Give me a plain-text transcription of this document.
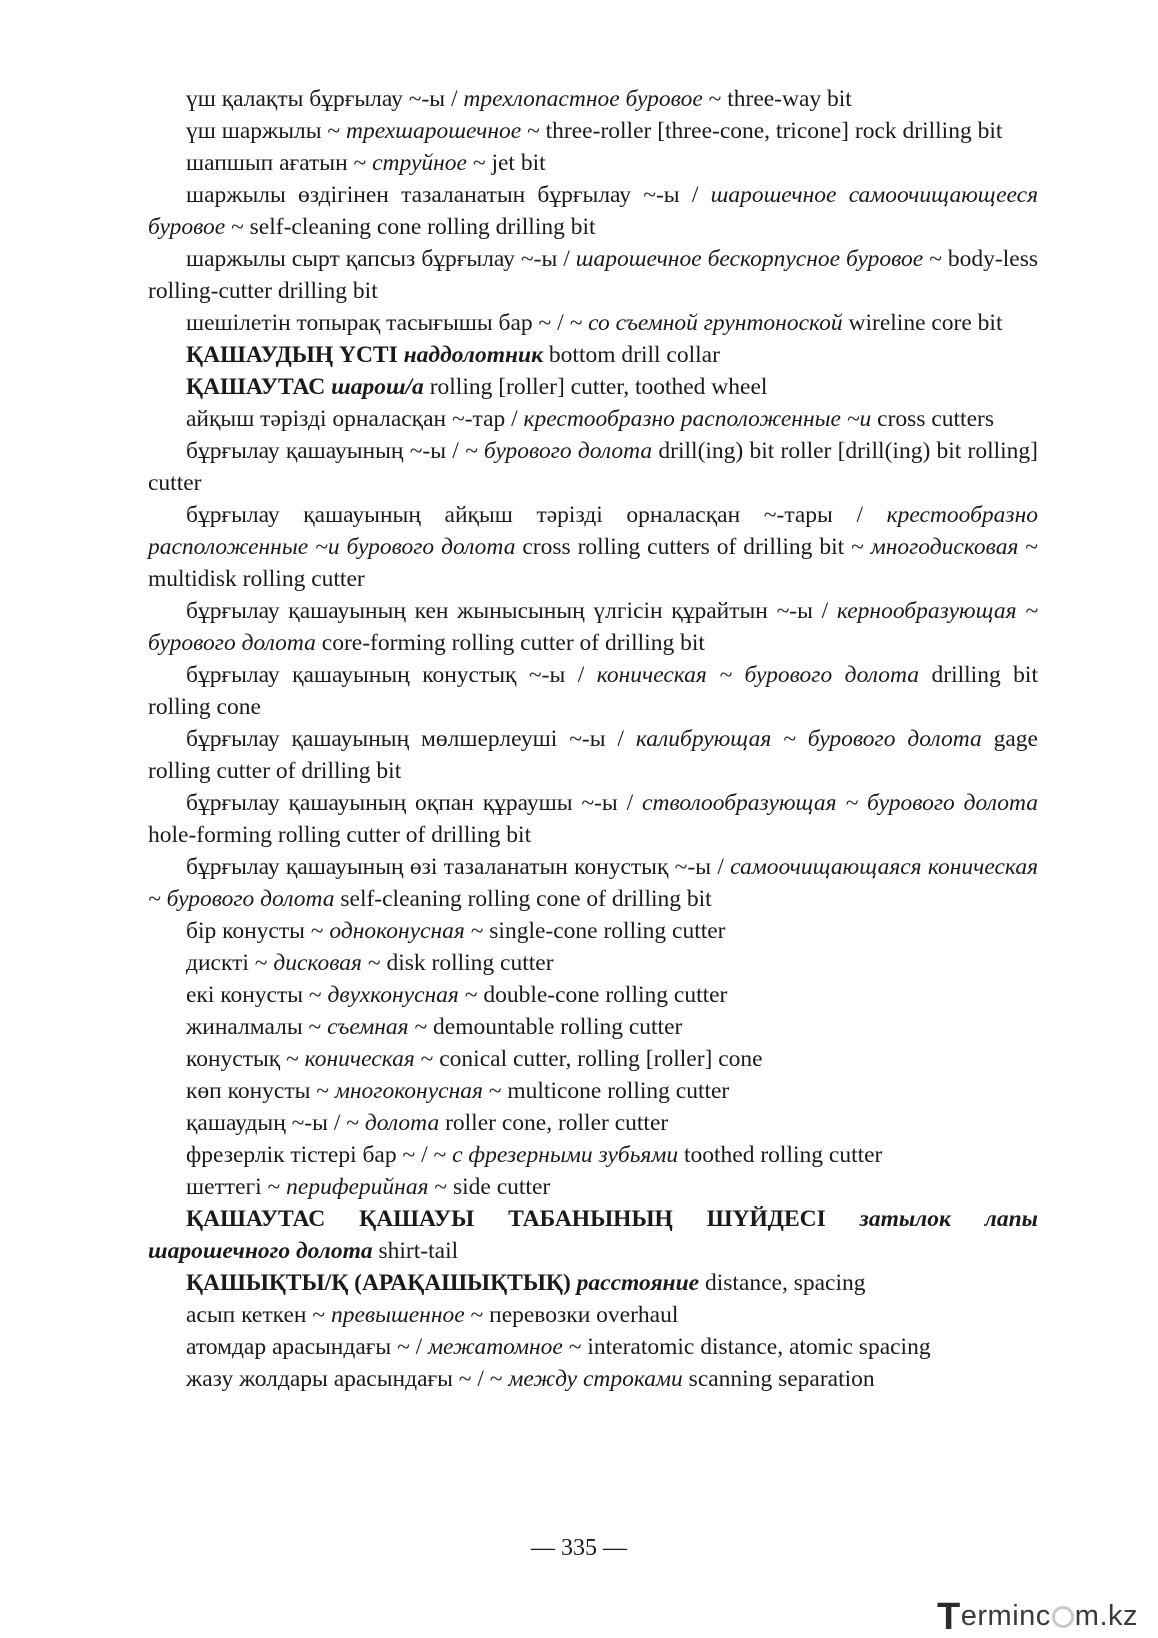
үш қалақты бұрғылау ~-ы / трехлопастное буровое ~ three-way bit

үш шаржылы ~ трехшарошечное ~ three-roller [three-cone, tricone] rock drilling bit

шапшып ағатын ~ струйное ~ jet bit

шаржылы өздігінен тазаланатын бұрғылау ~-ы / шарошечное самоочищающееся буровое ~ self-cleaning cone rolling drilling bit

шаржылы сырт қапсыз бұрғылау ~-ы / шарошечное бескорпусное буровое ~ body-less rolling-cutter drilling bit

шешілетін топырақ тасығышы бар ~ / ~ со съемной грунтоноской wireline core bit

ҚАШАУДЫҢ ҮСТІ наддолотник bottom drill collar

ҚАШАУТАС шарош/а rolling [roller] cutter, toothed wheel

айқыш тәрізді орналасқан ~-тар / крестообразно расположенные ~и cross cutters

бұрғылау қашауының ~-ы / ~ бурового долота drill(ing) bit roller [drill(ing) bit rolling] cutter

бұрғылау қашауының айқыш тәрізді орналасқан ~-тары / крестообразно расположенные ~и бурового долота cross rolling cutters of drilling bit ~ многодисковая ~ multidisk rolling cutter

бұрғылау қашауының кен жынысының үлгісін құрайтын ~-ы / кернообразующая ~ бурового долота core-forming rolling cutter of drilling bit

бұрғылау қашауының конустық ~-ы / коническая ~ бурового долота drilling bit rolling cone

бұрғылау қашауының мөлшерлеуші ~-ы / калибрующая ~ бурового долота gage rolling cutter of drilling bit

бұрғылау қашауының оқпан құраушы ~-ы / стволообразующая ~ бурового долота hole-forming rolling cutter of drilling bit

бұрғылау қашауының өзі тазаланатын конустық ~-ы / самоочищающаяся коническая ~ бурового долота self-cleaning rolling cone of drilling bit

бір конусты ~ одноконусная ~ single-cone rolling cutter

дискті ~ дисковая ~ disk rolling cutter

екі конусты ~ двухконусная ~ double-cone rolling cutter

жиналмалы ~ съемная ~ demountable rolling cutter

конустық ~ коническая ~ conical cutter, rolling [roller] cone

көп конусты ~ многоконусная ~ multicone rolling cutter

қашаудың ~-ы / ~ долота roller cone, roller cutter

фрезерлік тістері бар ~ / ~ с фрезерными зубьями toothed rolling cutter

шеттегі ~ периферийная ~ side cutter

ҚАШАУТАС ҚАШАУЫ ТАБАНЫНЫҢ ШҮЙДЕСІ затылок лапы шарошечного долота shirt-tail

ҚАШЫҚТЫ/Қ (АРАҚАШЫҚТЫҚ) расстояние distance, spacing

асып кеткен ~ превышенное ~ перевозки overhaul

атомдар арасындағы ~ / межатомное ~ interatomic distance, atomic spacing

жазу жолдары арасындағы ~ / ~ между строками scanning separation

— 335 —
Terminc m.kz
